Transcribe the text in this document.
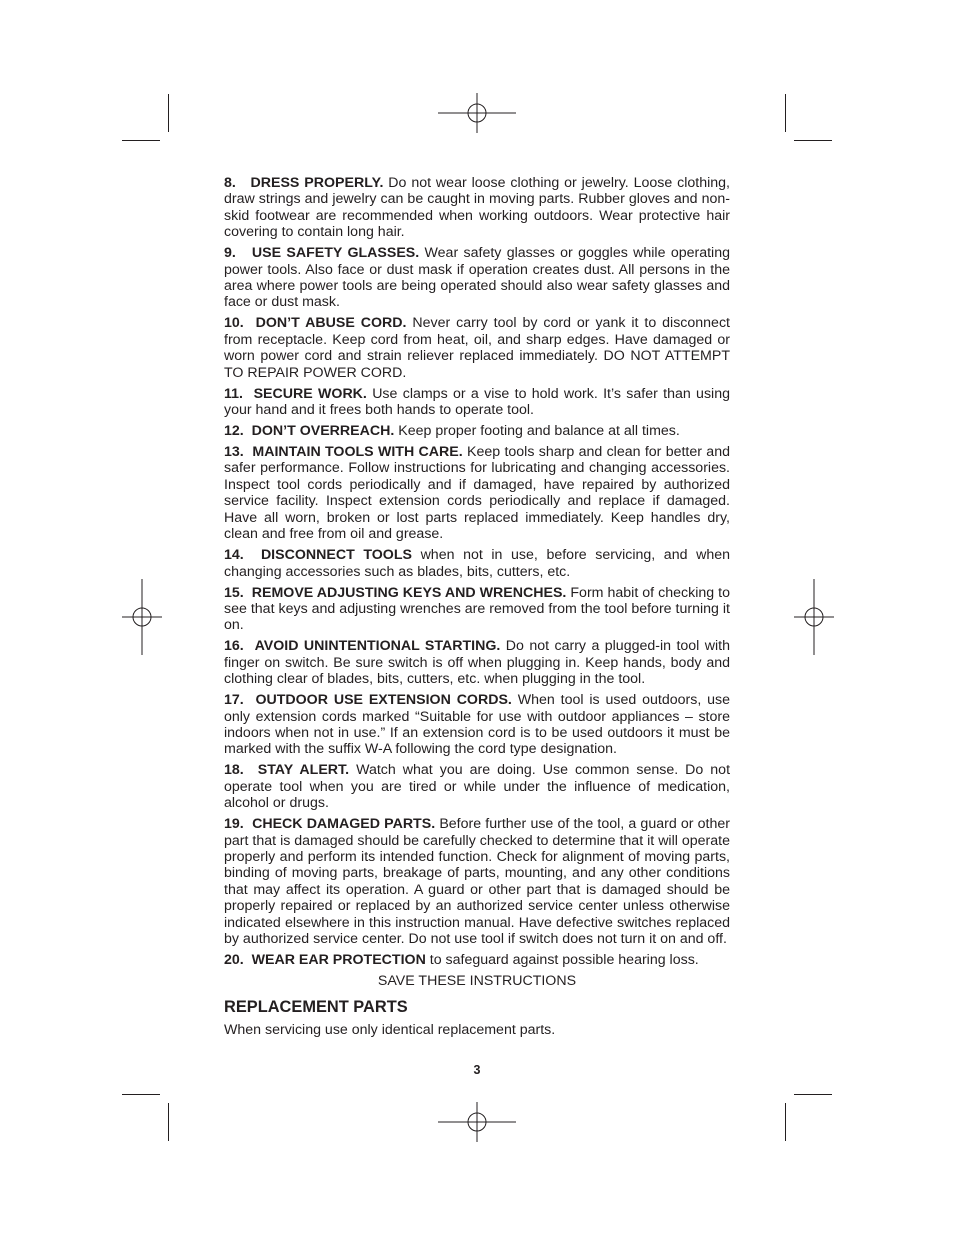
8. DRESS PROPERLY. Do not wear loose clothing or jewelry. Loose clothing, draw strings and jewelry can be caught in moving parts. Rubber gloves and non-skid footwear are recommended when working outdoors. Wear protective hair covering to contain long hair.

9. USE SAFETY GLASSES. Wear safety glasses or goggles while operating power tools. Also face or dust mask if operation creates dust. All persons in the area where power tools are being operated should also wear safety glasses and face or dust mask.

10. DON’T ABUSE CORD. Never carry tool by cord or yank it to disconnect from receptacle. Keep cord from heat, oil, and sharp edges. Have damaged or worn power cord and strain reliever replaced immediately. DO NOT ATTEMPT TO REPAIR POWER CORD.

11. SECURE WORK. Use clamps or a vise to hold work. It’s safer than using your hand and it frees both hands to operate tool.

12. DON’T OVERREACH. Keep proper footing and balance at all times.

13. MAINTAIN TOOLS WITH CARE. Keep tools sharp and clean for better and safer performance. Follow instructions for lubricating and changing accessories. Inspect tool cords periodically and if damaged, have repaired by authorized service facility. Inspect extension cords periodically and replace if damaged. Have all worn, broken or lost parts replaced immediately. Keep handles dry, clean and free from oil and grease.

14. DISCONNECT TOOLS when not in use, before servicing, and when changing accessories such as blades, bits, cutters, etc.

15. REMOVE ADJUSTING KEYS AND WRENCHES. Form habit of checking to see that keys and adjusting wrenches are removed from the tool before turning it on.

16. AVOID UNINTENTIONAL STARTING. Do not carry a plugged-in tool with finger on switch. Be sure switch is off when plugging in. Keep hands, body and clothing clear of blades, bits, cutters, etc. when plugging in the tool.

17. OUTDOOR USE EXTENSION CORDS. When tool is used outdoors, use only extension cords marked “Suitable for use with outdoor appliances – store indoors when not in use.” If an extension cord is to be used outdoors it must be marked with the suffix W-A following the cord type designation.

18. STAY ALERT. Watch what you are doing. Use common sense. Do not operate tool when you are tired or while under the influence of medication, alcohol or drugs.

19. CHECK DAMAGED PARTS. Before further use of the tool, a guard or other part that is damaged should be carefully checked to determine that it will operate properly and perform its intended function. Check for alignment of moving parts, binding of moving parts, breakage of parts, mounting, and any other conditions that may affect its operation. A guard or other part that is damaged should be properly repaired or replaced by an authorized service center unless otherwise indicated elsewhere in this instruction manual. Have defective switches replaced by authorized service center. Do not use tool if switch does not turn it on and off.

20. WEAR EAR PROTECTION to safeguard against possible hearing loss.

SAVE THESE INSTRUCTIONS

REPLACEMENT PARTS

When servicing use only identical replacement parts.

3
